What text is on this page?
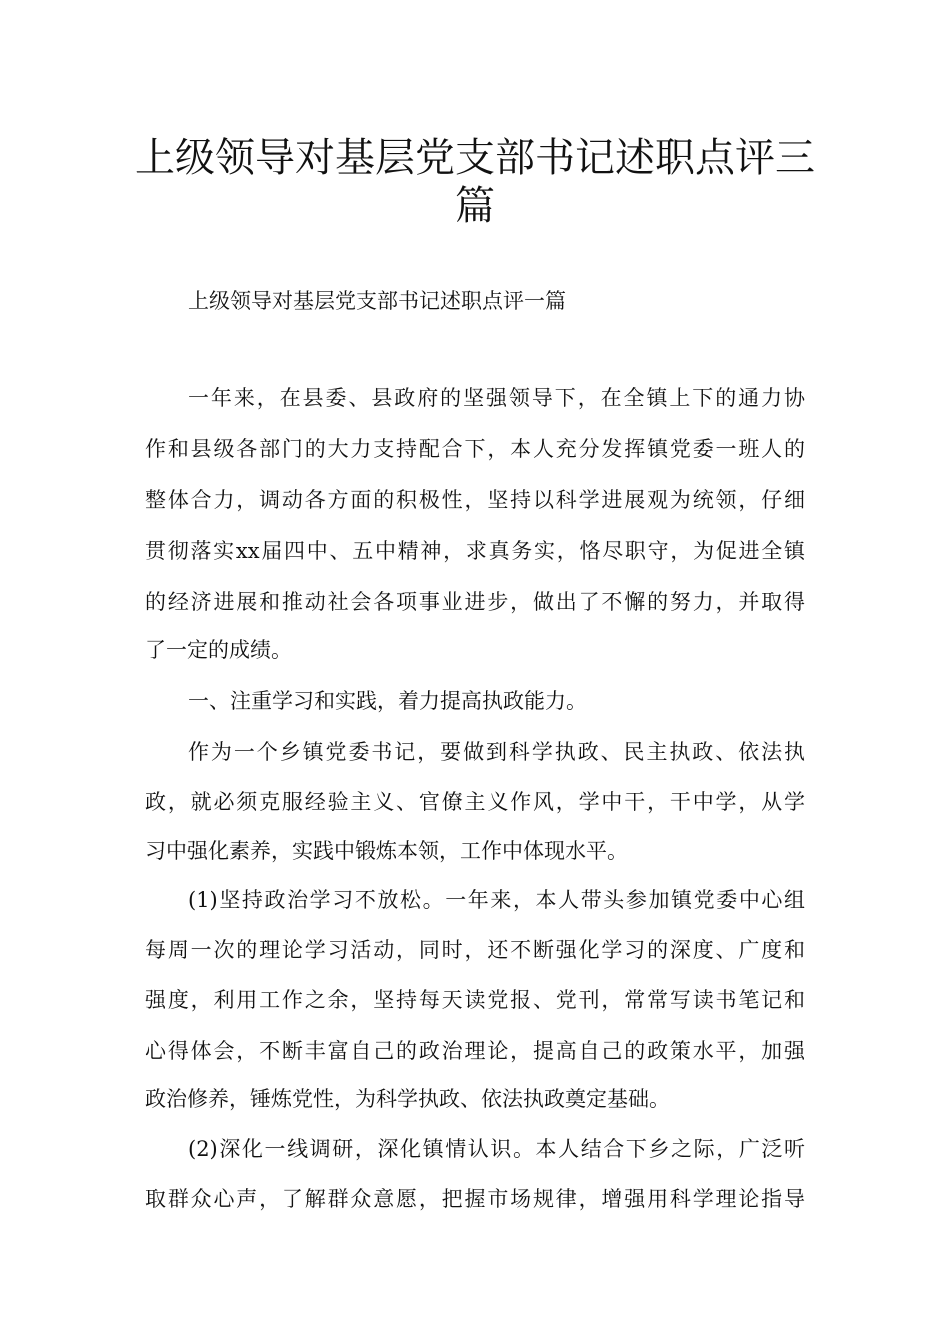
上级领导对基层党支部书记述职点评三
篇

上级领导对基层党支部书记述职点评一篇

一年来，在县委、县政府的坚强领导下，在全镇上下的通力协

作和县级各部门的大力支持配合下，本人充分发挥镇党委一班人的

整体合力，调动各方面的积极性，坚持以科学进展观为统领，仔细

贯彻落实xx届四中、五中精神，求真务实，恪尽职守，为促进全镇

的经济进展和推动社会各项事业进步，做出了不懈的努力，并取得

了一定的成绩。

一、注重学习和实践，着力提高执政能力。

作为一个乡镇党委书记，要做到科学执政、民主执政、依法执

政，就必须克服经验主义、官僚主义作风，学中干，干中学，从学

习中强化素养，实践中锻炼本领，工作中体现水平。

(1)坚持政治学习不放松。一年来，本人带头参加镇党委中心组

每周一次的理论学习活动，同时，还不断强化学习的深度、广度和

强度，利用工作之余，坚持每天读党报、党刊，常常写读书笔记和

心得体会，不断丰富自己的政治理论，提高自己的政策水平，加强

政治修养，锤炼党性，为科学执政、依法执政奠定基础。

(2)深化一线调研，深化镇情认识。本人结合下乡之际，广泛听

取群众心声，了解群众意愿，把握市场规律，增强用科学理论指导
